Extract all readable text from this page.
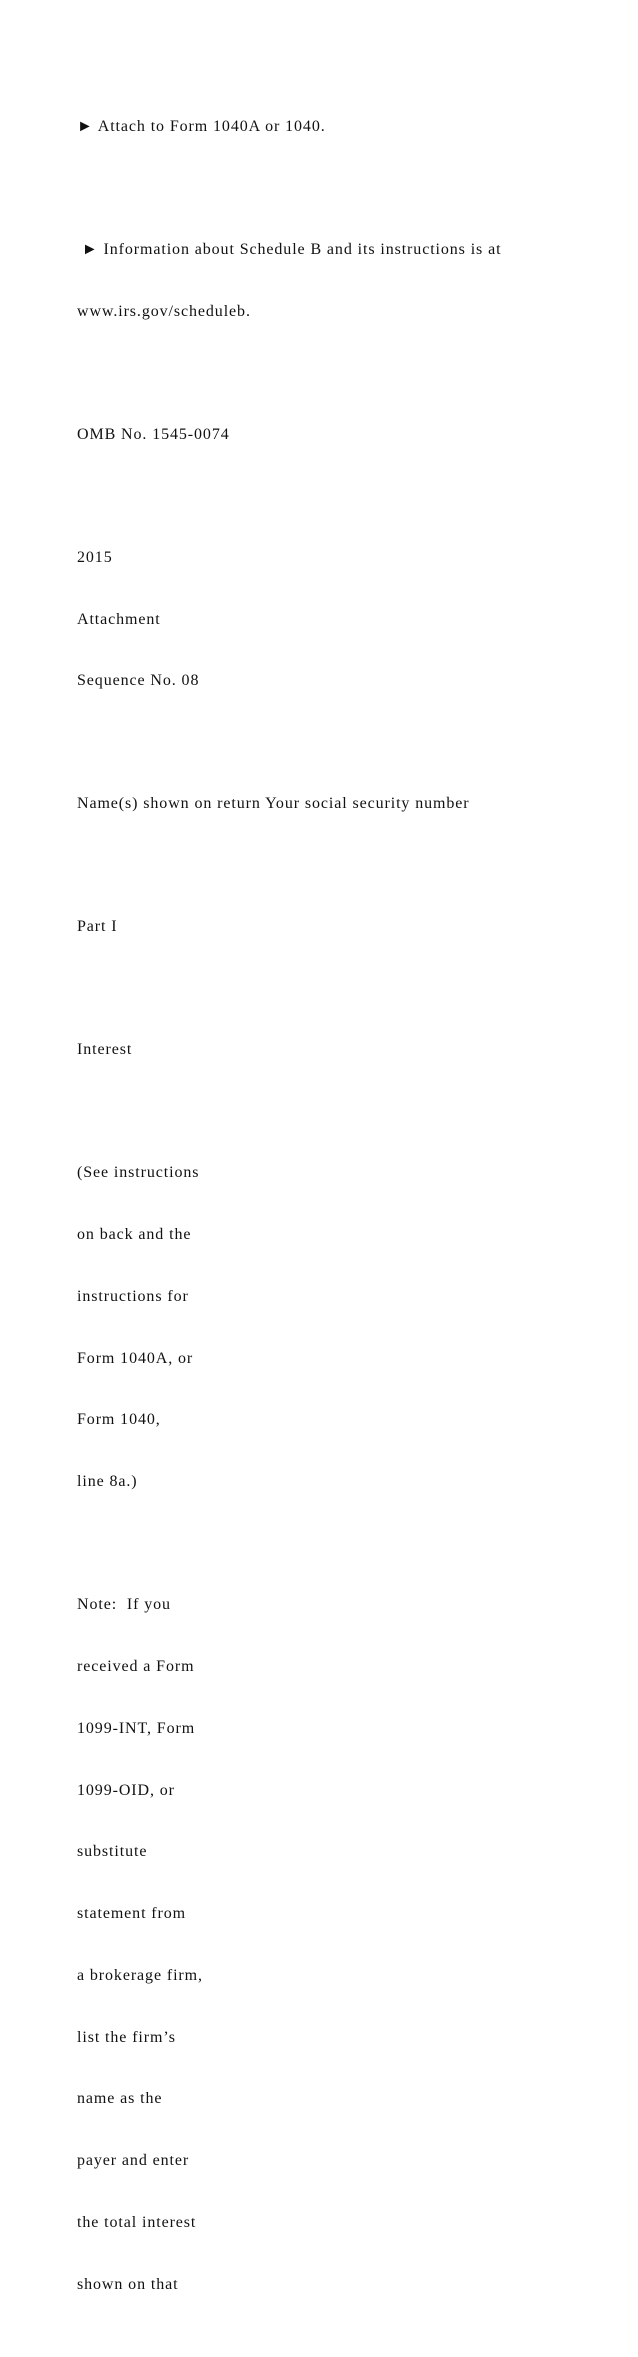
► Attach to Form 1040A or 1040.

► Information about Schedule B and its instructions is at

www.irs.gov/scheduleb.

OMB No. 1545-0074

2015

Attachment

Sequence No. 08

Name(s) shown on return Your social security number

Part I

Interest

(See instructions

on back and the

instructions for

Form 1040A, or

Form 1040,

line 8a.)

Note:  If you

received a Form

1099-INT, Form

1099-OID, or

substitute

statement from

a brokerage firm,

list the firm’s

name as the

payer and enter

the total interest

shown on that
